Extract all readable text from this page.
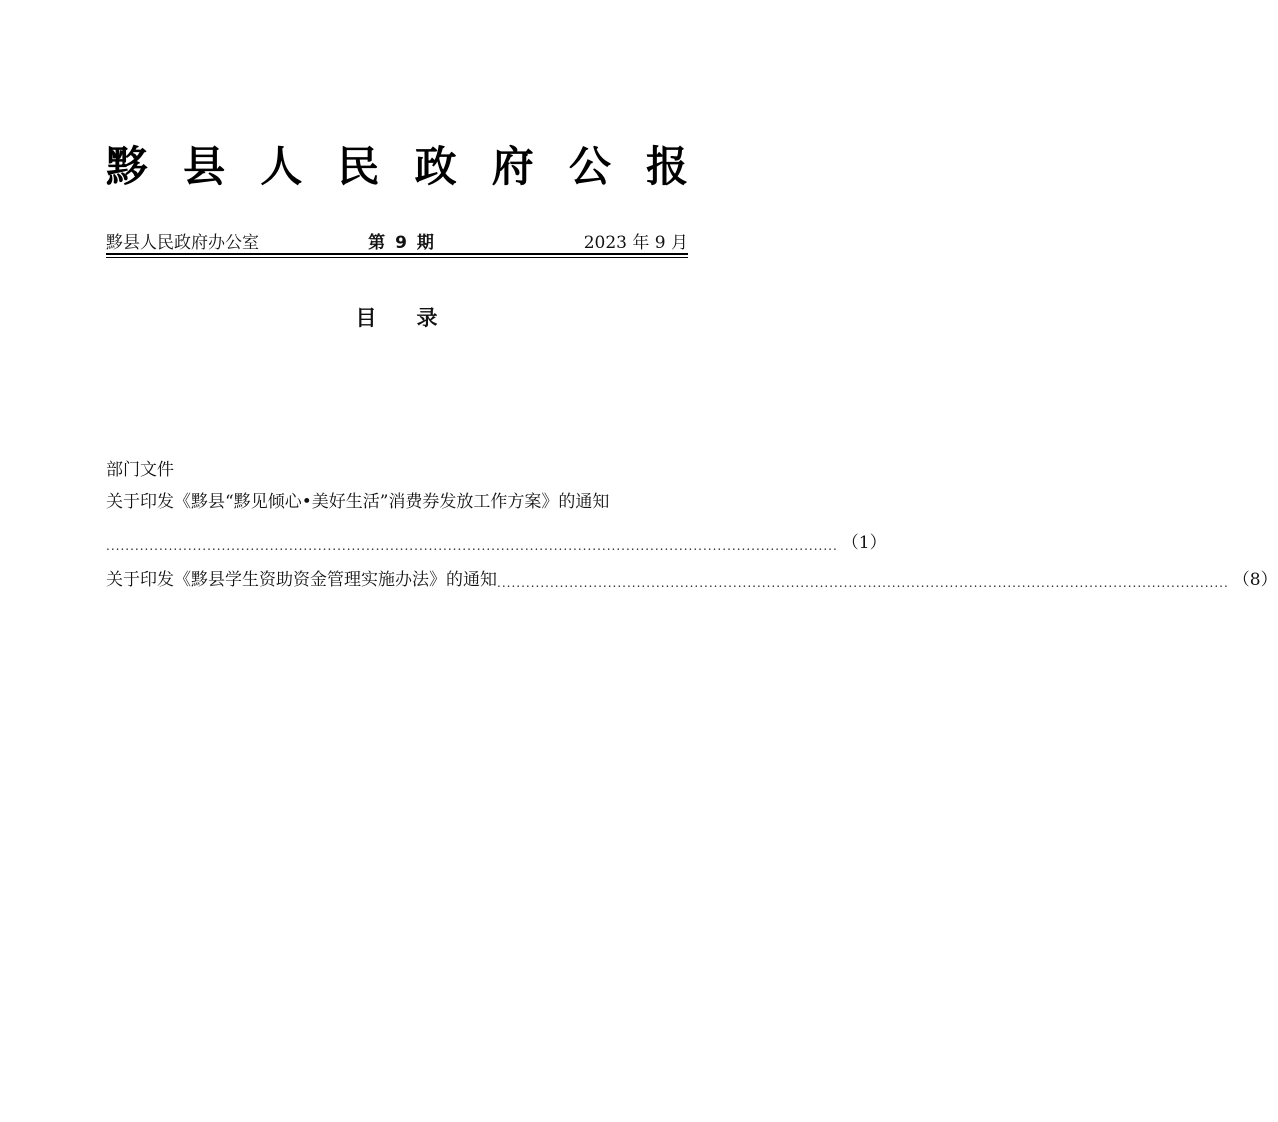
黟 县 人 民 政 府 公 报
黟县人民政府办公室	第 9 期	2023 年 9 月
目录
部门文件
关于印发《黟县“黟见倾心•美好生活”消费券发放工作方案》的通知
........................................................................................................................................................ （1）
关于印发《黟县学生资助资金管理实施办法》的通知 ........................................................................................................................................................ （8）
